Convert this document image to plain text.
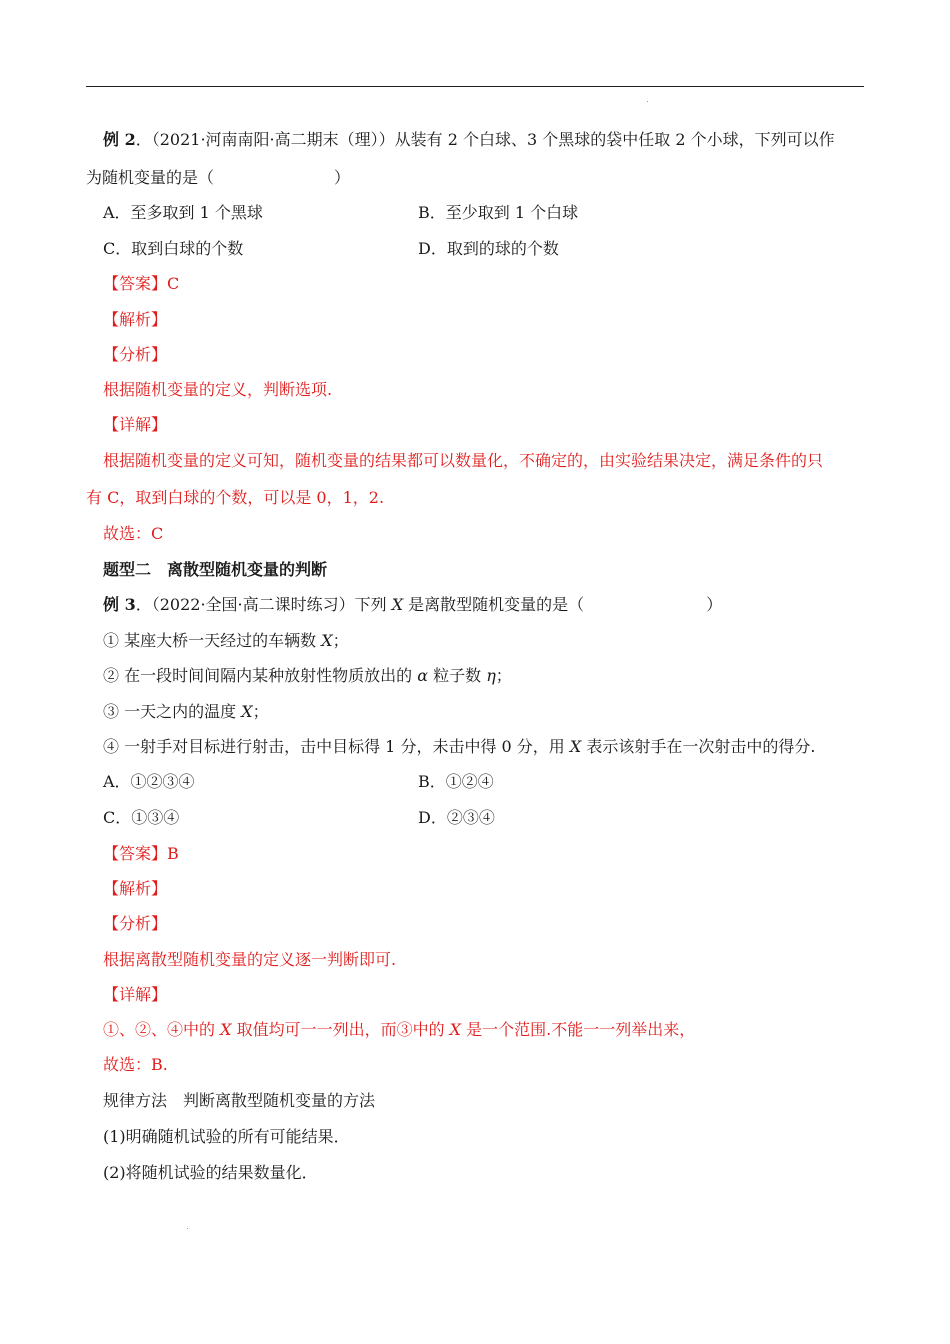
例 2．（2021·河南南阳·高二期末（理））从装有 2 个白球、3 个黑球的袋中任取 2 个小球，下列可以作
为随机变量的是（	）
A．至多取到 1 个黑球	B．至少取到 1 个白球
C．取到白球的个数	D．取到的球的个数
【答案】C
【解析】
【分析】
根据随机变量的定义，判断选项.
【详解】
根据随机变量的定义可知，随机变量的结果都可以数量化，不确定的，由实验结果决定，满足条件的只
有 C，取到白球的个数，可以是 0，1，2.
故选：C
题型二　离散型随机变量的判断
例 3．（2022·全国·高二课时练习）下列 X 是离散型随机变量的是（	）
① 某座大桥一天经过的车辆数 X；
② 在一段时间间隔内某种放射性物质放出的 α 粒子数 η；
③ 一天之内的温度 X；
④ 一射手对目标进行射击，击中目标得 1 分，未击中得 0 分，用 X 表示该射手在一次射击中的得分.
A．①②③④	B．①②④
C．①③④	D．②③④
【答案】B
【解析】
【分析】
根据离散型随机变量的定义逐一判断即可.
【详解】
①、②、④中的 X 取值均可一一列出，而③中的 X 是一个范围.不能一一列举出来，
故选：B.
规律方法　判断离散型随机变量的方法
(1)明确随机试验的所有可能结果．
(2)将随机试验的结果数量化．
